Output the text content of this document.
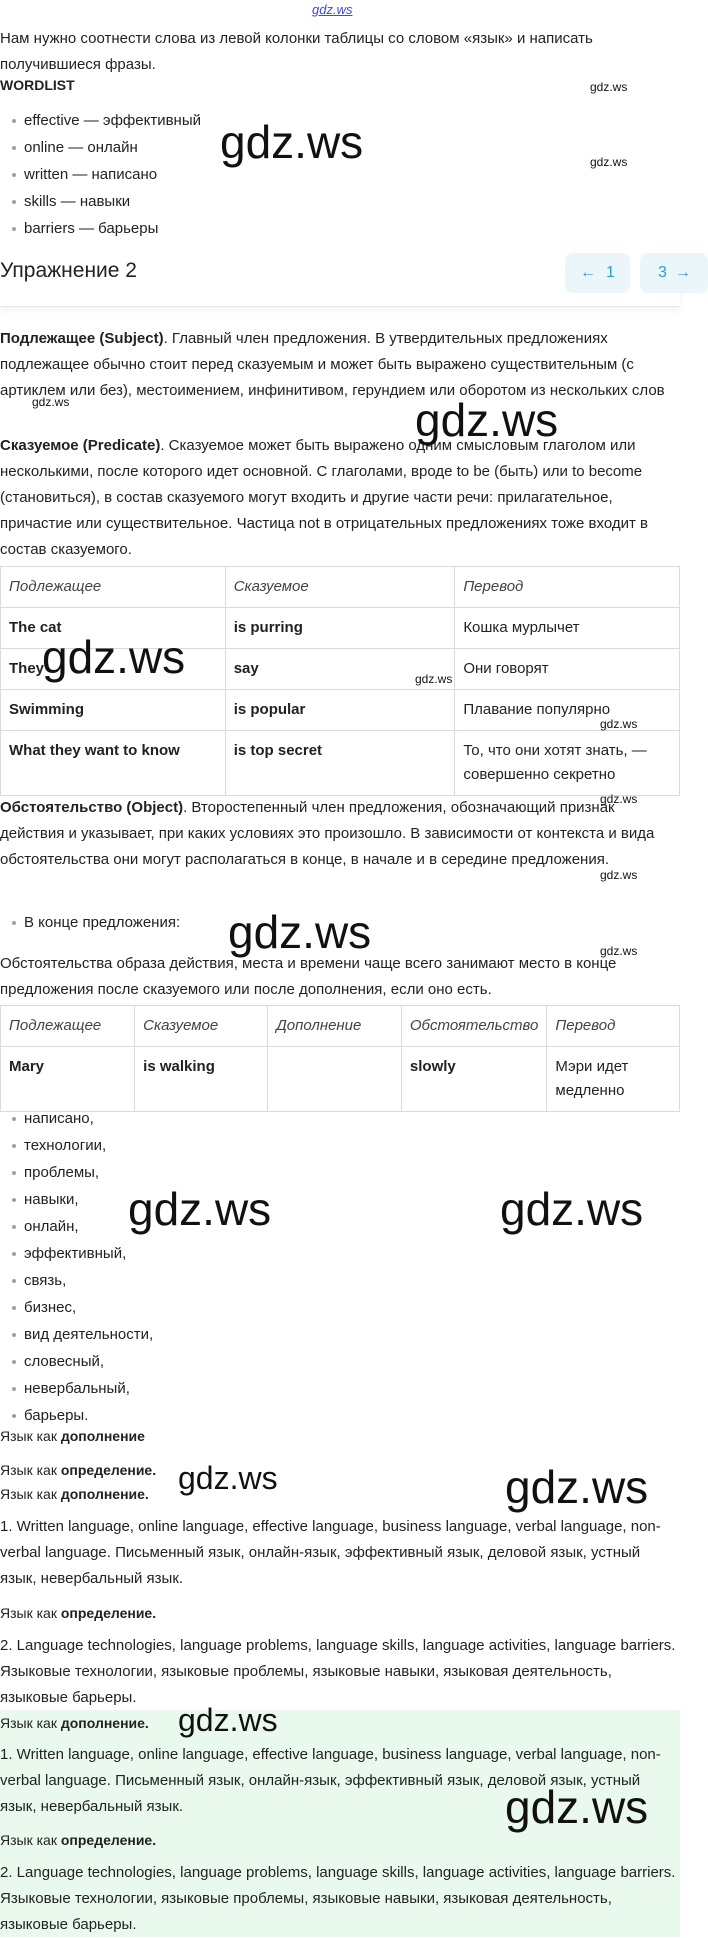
gdz.ws

Нам нужно соотнести слова из левой колонки таблицы со словом «язык» и написать получившиеся фразы.

WORDLIST

effective — эффективный
online — онлайн
written — написано
skills — навыки
barriers — барьеры
Упражнение 2	← 1	3 →

Подлежащее (Subject). Главный член предложения. В утвердительных предложениях подлежащее обычно стоит перед сказуемым и может быть выражено существительным (с артиклем или без), местоимением, инфинитивом, герундием или оборотом из нескольких слов

Сказуемое (Predicate). Сказуемое может быть выражено одним смысловым глаголом или несколькими, после которого идет основной. С глаголами, вроде to be (быть) или to become (становиться), в состав сказуемого могут входить и другие части речи: прилагательное, причастие или существительное. Частица not в отрицательных предложениях тоже входит в состав сказуемого.

Подлежащее	Сказуемое	Перевод
The cat	is purring	Кошка мурлычет
They	say	Они говорят
Swimming	is popular	Плавание популярно
What they want to know	is top secret	То, что они хотят знать, — совершенно секретно

Обстоятельство (Object). Второстепенный член предложения, обозначающий признак действия и указывает, при каких условиях это произошло. В зависимости от контекста и вида обстоятельства они могут располагаться в конце, в начале и в середине предложения.

В конце предложения:

Обстоятельства образа действия, места и времени чаще всего занимают место в конце предложения после сказуемого или после дополнения, если оно есть.

Подлежащее	Сказуемое	Дополнение	Обстоятельство	Перевод
Mary	is walking		slowly	Мэри идет медленно
написано,
технологии,
проблемы,
навыки,
онлайн,
эффективный,
связь,
бизнес,
вид деятельности,
словесный,
невербальный,
барьеры.

Язык как дополнение

Язык как определение.

Язык как дополнение.

1. Written language, online language, effective language, business language, verbal language, non-verbal language. Письменный язык, онлайн-язык, эффективный язык, деловой язык, устный язык, невербальный язык.

Язык как определение.

2. Language technologies, language problems, language skills, language activities, language barriers. Языковые технологии, языковые проблемы, языковые навыки, языковая деятельность, языковые барьеры.

Язык как дополнение.

1. Written language, online language, effective language, business language, verbal language, non-verbal language. Письменный язык, онлайн-язык, эффективный язык, деловой язык, устный язык, невербальный язык.

Язык как определение.

2. Language technologies, language problems, language skills, language activities, language barriers. Языковые технологии, языковые проблемы, языковые навыки, языковая деятельность, языковые барьеры.

gdz.ws
gdz.ws
gdz.ws
gdz.ws
gdz.ws
gdz.ws	gdz.ws
gdz.ws
gdz.ws
gdz.ws
gdz.ws	gdz.ws
gdz.ws	gdz.ws
gdz.ws	gdz.ws
gdz.ws
gdz.ws
